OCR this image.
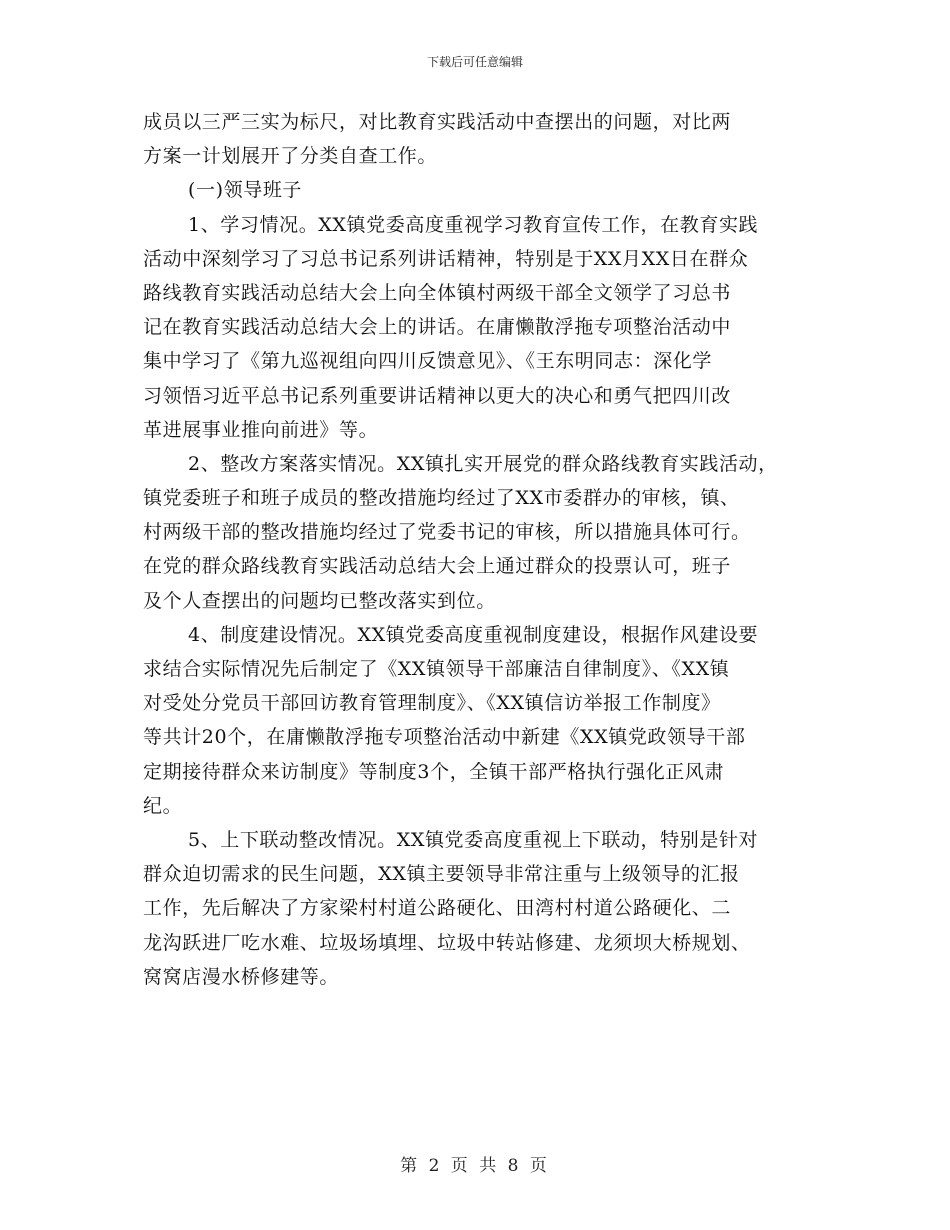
下载后可任意编辑
成员以三严三实为标尺，对比教育实践活动中查摆出的问题，对比两
方案一计划展开了分类自查工作。
(一)领导班子
1、学习情况。XX镇党委高度重视学习教育宣传工作，在教育实践
活动中深刻学习了习总书记系列讲话精神，特别是于XX月XX日在群众
路线教育实践活动总结大会上向全体镇村两级干部全文领学了习总书
记在教育实践活动总结大会上的讲话。在庸懒散浮拖专项整治活动中
集中学习了《第九巡视组向四川反馈意见》、《王东明同志：深化学
习领悟习近平总书记系列重要讲话精神以更大的决心和勇气把四川改
革进展事业推向前进》等。
2、整改方案落实情况。XX镇扎实开展党的群众路线教育实践活动，
镇党委班子和班子成员的整改措施均经过了XX市委群办的审核，镇、
村两级干部的整改措施均经过了党委书记的审核，所以措施具体可行。
在党的群众路线教育实践活动总结大会上通过群众的投票认可，班子
及个人查摆出的问题均已整改落实到位。
4、制度建设情况。XX镇党委高度重视制度建设，根据作风建设要
求结合实际情况先后制定了《XX镇领导干部廉洁自律制度》、《XX镇
对受处分党员干部回访教育管理制度》、《XX镇信访举报工作制度》
等共计20个，在庸懒散浮拖专项整治活动中新建《XX镇党政领导干部
定期接待群众来访制度》等制度3个，全镇干部严格执行强化正风肃
纪。
5、上下联动整改情况。XX镇党委高度重视上下联动，特别是针对
群众迫切需求的民生问题，XX镇主要领导非常注重与上级领导的汇报
工作，先后解决了方家梁村村道公路硬化、田湾村村道公路硬化、二
龙沟跃进厂吃水难、垃圾场填埋、垃圾中转站修建、龙须坝大桥规划、
窝窝店漫水桥修建等。
第 2 页 共 8 页
